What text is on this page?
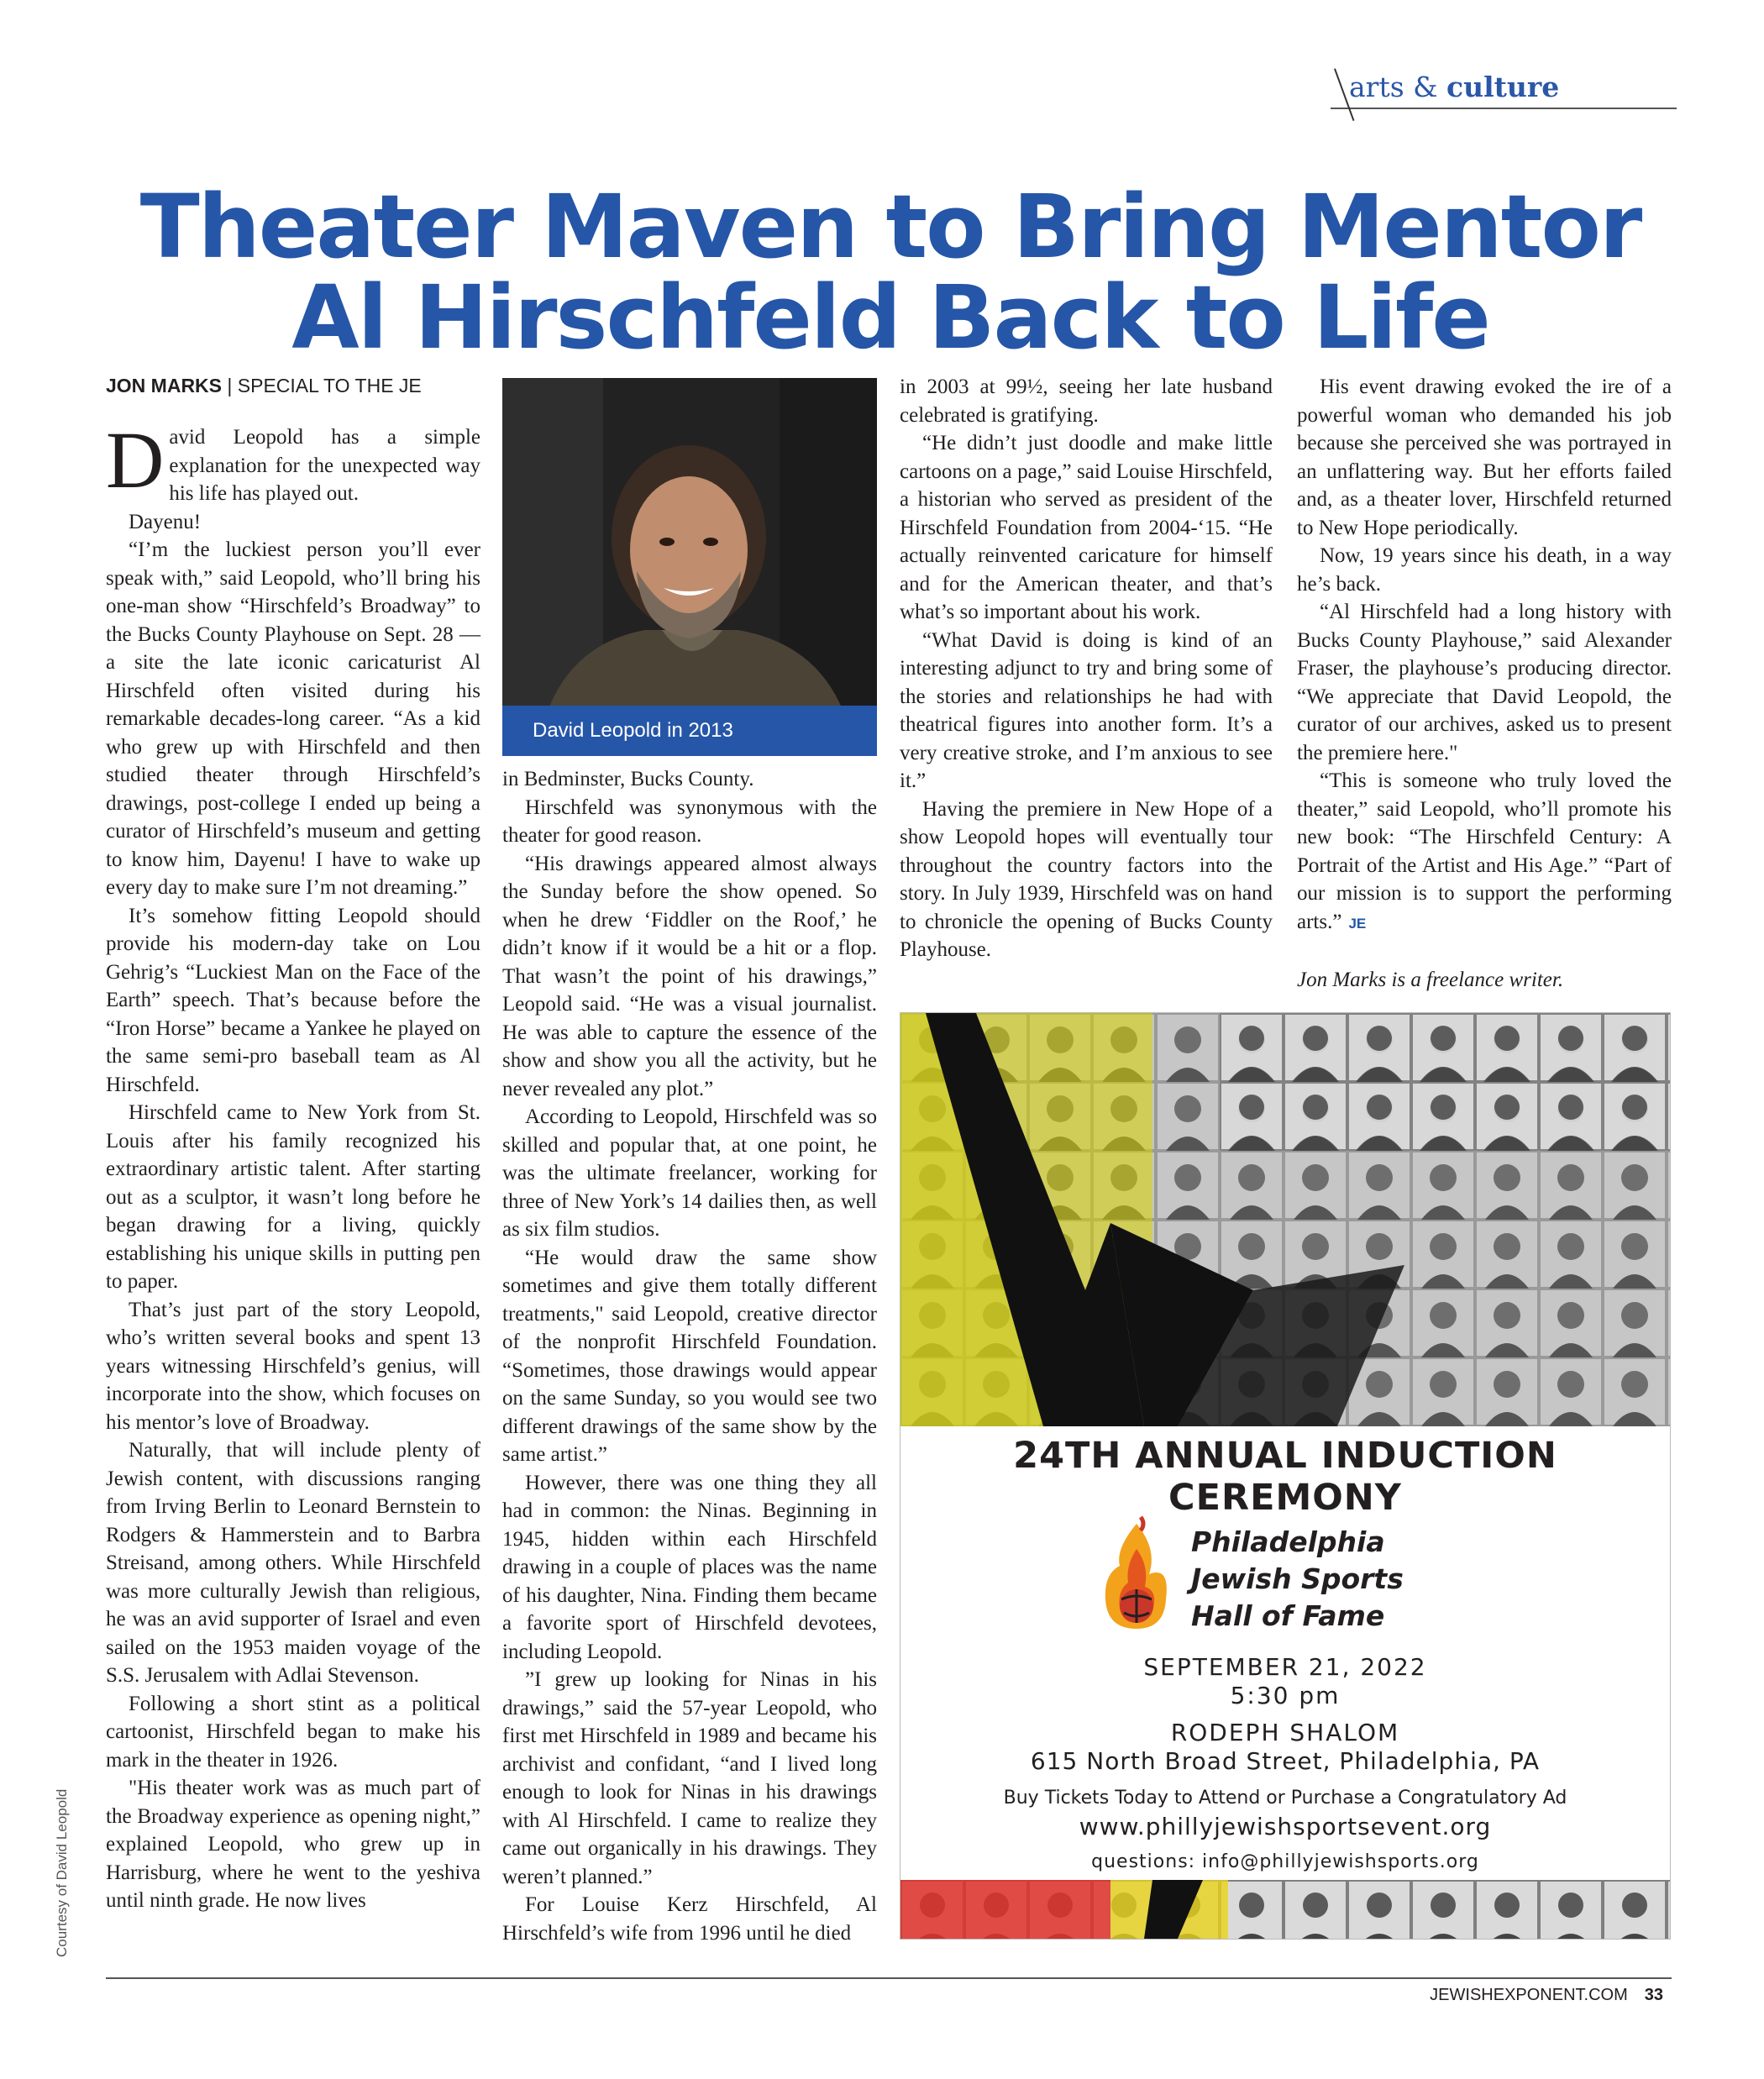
arts & culture
Theater Maven to Bring Mentor
Al Hirschfeld Back to Life
JON MARKS | SPECIAL TO THE JE

David Leopold has a simple explanation for the unexpected way his life has played out.

Dayenu!

“I’m the luckiest person you’ll ever speak with,” said Leopold, who’ll bring his one-man show “Hirschfeld’s Broadway” to the Bucks County Playhouse on Sept. 28 — a site the late iconic caricaturist Al Hirschfeld often visited during his remarkable decades-long career. “As a kid who grew up with Hirschfeld and then studied theater through Hirschfeld’s drawings, post-college I ended up being a curator of Hirschfeld’s museum and getting to know him, Dayenu! I have to wake up every day to make sure I’m not dreaming.”

It’s somehow fitting Leopold should provide his modern-day take on Lou Gehrig’s “Luckiest Man on the Face of the Earth” speech. That’s because before the “Iron Horse” became a Yankee he played on the same semi-pro baseball team as Al Hirschfeld.

Hirschfeld came to New York from St. Louis after his family recognized his extraordinary artistic talent. After starting out as a sculptor, it wasn’t long before he began drawing for a living, quickly establishing his unique skills in putting pen to paper.

That’s just part of the story Leopold, who’s written several books and spent 13 years witnessing Hirschfeld’s genius, will incorporate into the show, which focuses on his mentor’s love of Broadway.

Naturally, that will include plenty of Jewish content, with discussions ranging from Irving Berlin to Leonard Bernstein to Rodgers & Hammerstein and to Barbra Streisand, among others. While Hirschfeld was more culturally Jewish than religious, he was an avid supporter of Israel and even sailed on the 1953 maiden voyage of the S.S. Jerusalem with Adlai Stevenson.

Following a short stint as a political cartoonist, Hirschfeld began to make his mark in the theater in 1926.

"His theater work was as much part of the Broadway experience as opening night,” explained Leopold, who grew up in Harrisburg, where he went to the yeshiva until ninth grade. He now lives

David Leopold in 2013

in Bedminster, Bucks County.

Hirschfeld was synonymous with the theater for good reason.

“His drawings appeared almost always the Sunday before the show opened. So when he drew ‘Fiddler on the Roof,’ he didn’t know if it would be a hit or a flop. That wasn’t the point of his drawings,” Leopold said. “He was a visual journalist. He was able to capture the essence of the show and show you all the activity, but he never revealed any plot.”

According to Leopold, Hirschfeld was so skilled and popular that, at one point, he was the ultimate freelancer, working for three of New York’s 14 dailies then, as well as six film studios.

“He would draw the same show sometimes and give them totally different treatments," said Leopold, creative director of the nonprofit Hirschfeld Foundation. “Sometimes, those drawings would appear on the same Sunday, so you would see two different drawings of the same show by the same artist.”

However, there was one thing they all had in common: the Ninas. Beginning in 1945, hidden within each Hirschfeld drawing in a couple of places was the name of his daughter, Nina. Finding them became a favorite sport of Hirschfeld devotees, including Leopold.

”I grew up looking for Ninas in his drawings,” said the 57-year Leopold, who first met Hirschfeld in 1989 and became his archivist and confidant, “and I lived long enough to look for Ninas in his drawings with Al Hirschfeld. I came to realize they came out organically in his drawings. They weren’t planned.”

For Louise Kerz Hirschfeld, Al Hirschfeld’s wife from 1996 until he died

in 2003 at 99½, seeing her late husband celebrated is gratifying.

“He didn’t just doodle and make little cartoons on a page,” said Louise Hirschfeld, a historian who served as president of the Hirschfeld Foundation from 2004-‘15. “He actually reinvented caricature for himself and for the American theater, and that’s what’s so important about his work.

“What David is doing is kind of an interesting adjunct to try and bring some of the stories and relationships he had with theatrical figures into another form. It’s a very creative stroke, and I’m anxious to see it.”

Having the premiere in New Hope of a show Leopold hopes will eventually tour throughout the country factors into the story. In July 1939, Hirschfeld was on hand to chronicle the opening of Bucks County Playhouse.

His event drawing evoked the ire of a powerful woman who demanded his job because she perceived she was portrayed in an unflattering way. But her efforts failed and, as a theater lover, Hirschfeld returned to New Hope periodically.

Now, 19 years since his death, in a way he’s back.

“Al Hirschfeld had a long history with Bucks County Playhouse,” said Alexander Fraser, the playhouse’s producing director. “We appreciate that David Leopold, the curator of our archives, asked us to present the premiere here."

“This is someone who truly loved the theater,” said Leopold, who’ll promote his new book: “The Hirschfeld Century: A Portrait of the Artist and His Age.” “Part of our mission is to support the performing arts.” JE

Jon Marks is a freelance writer.

24TH ANNUAL INDUCTION CEREMONY
Philadelphia
Jewish Sports
Hall of Fame
SEPTEMBER 21, 2022
5:30 pm
RODEPH SHALOM
615 North Broad Street, Philadelphia, PA
Buy Tickets Today to Attend or Purchase a Congratulatory Ad
www.phillyjewishsportsevent.org
questions: info@phillyjewishsports.org
Courtesy of David Leopold
JEWISHEXPONENT.COM 33
